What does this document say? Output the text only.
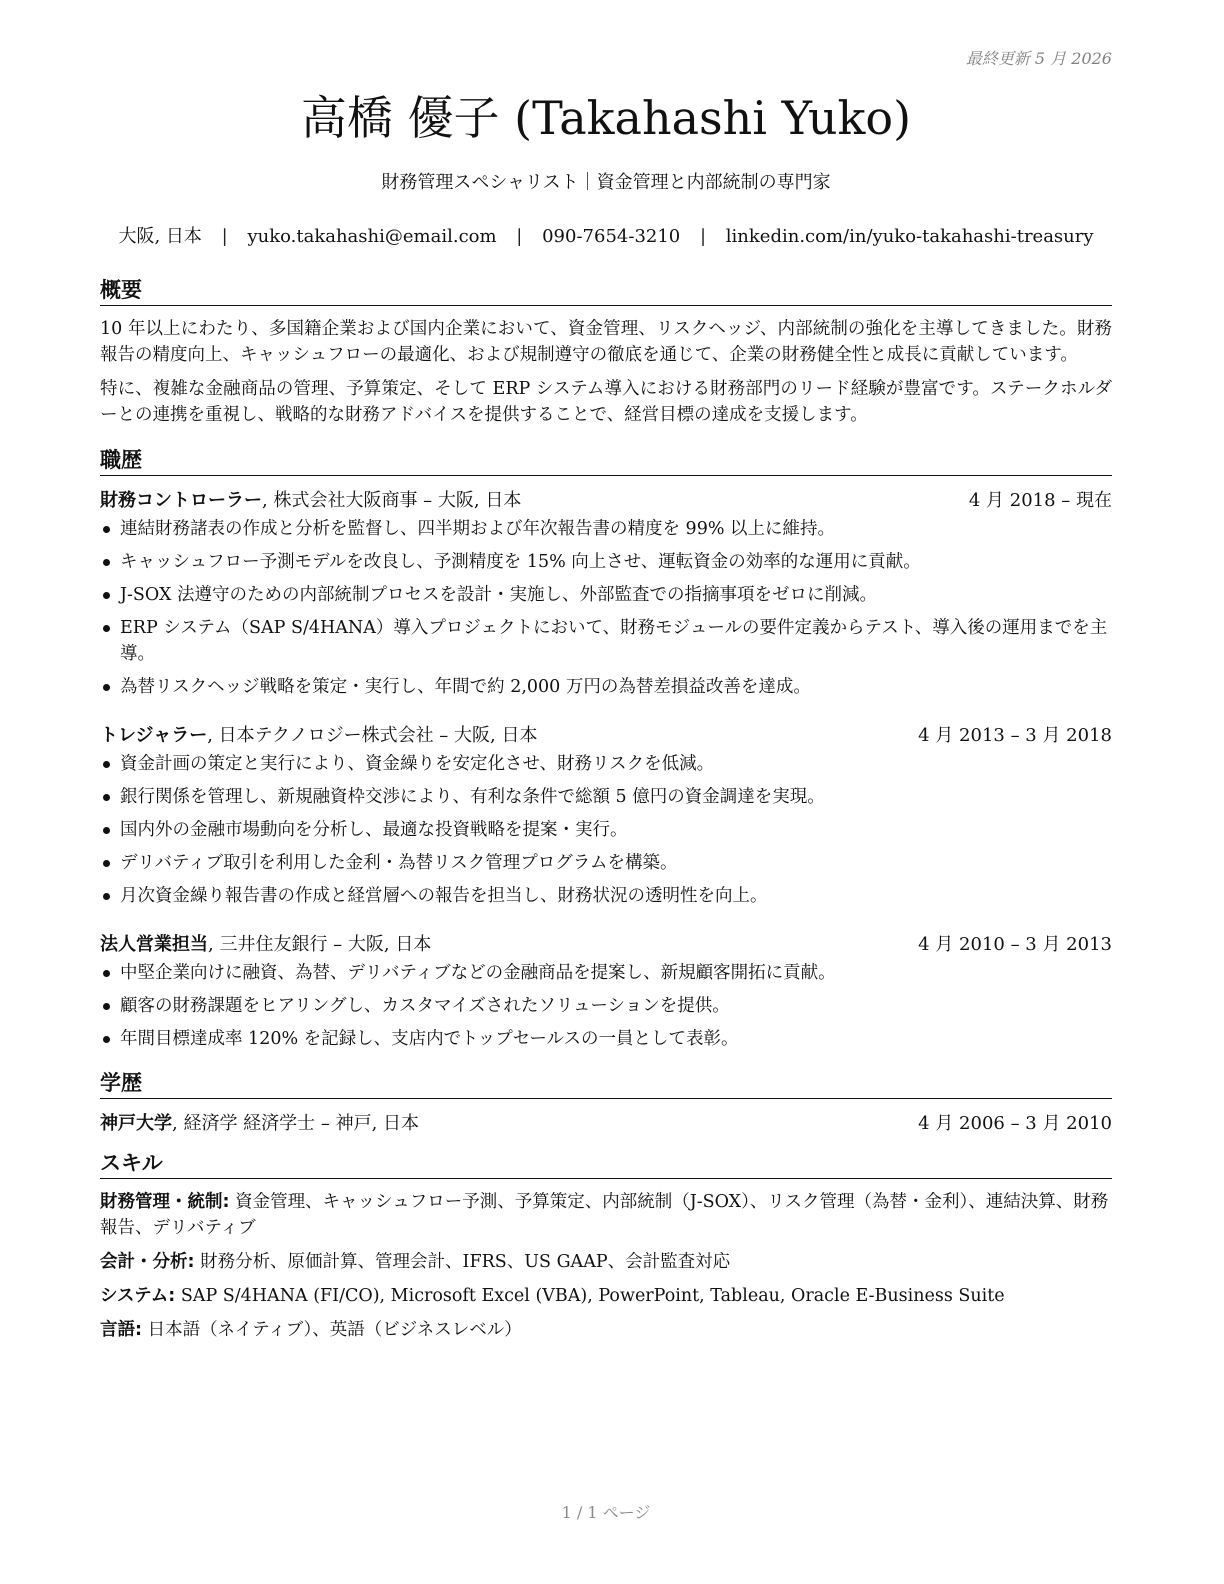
最終更新 5 月 2026
高橋 優子 (Takahashi Yuko)
財務管理スペシャリスト｜資金管理と内部統制の専門家
大阪, 日本 | yuko.takahashi@email.com | 090-7654-3210 | linkedin.com/in/yuko-takahashi-treasury
概要

10 年以上にわたり、多国籍企業および国内企業において、資金管理、リスクヘッジ、内部統制の強化を主導してきました。財務報告の精度向上、キャッシュフローの最適化、および規制遵守の徹底を通じて、企業の財務健全性と成長に貢献しています。

特に、複雑な金融商品の管理、予算策定、そして ERP システム導入における財務部門のリード経験が豊富です。ステークホルダーとの連携を重視し、戦略的な財務アドバイスを提供することで、経営目標の達成を支援します。

職歴
財務コントローラー, 株式会社大阪商事 – 大阪, 日本	4 月 2018 – 現在
連結財務諸表の作成と分析を監督し、四半期および年次報告書の精度を 99% 以上に維持。
キャッシュフロー予測モデルを改良し、予測精度を 15% 向上させ、運転資金の効率的な運用に貢献。
J-SOX 法遵守のための内部統制プロセスを設計・実施し、外部監査での指摘事項をゼロに削減。
ERP システム（SAP S/4HANA）導入プロジェクトにおいて、財務モジュールの要件定義からテスト、導入後の運用までを主導。
為替リスクヘッジ戦略を策定・実行し、年間で約 2,000 万円の為替差損益改善を達成。
トレジャラー, 日本テクノロジー株式会社 – 大阪, 日本	4 月 2013 – 3 月 2018
資金計画の策定と実行により、資金繰りを安定化させ、財務リスクを低減。
銀行関係を管理し、新規融資枠交渉により、有利な条件で総額 5 億円の資金調達を実現。
国内外の金融市場動向を分析し、最適な投資戦略を提案・実行。
デリバティブ取引を利用した金利・為替リスク管理プログラムを構築。
月次資金繰り報告書の作成と経営層への報告を担当し、財務状況の透明性を向上。
法人営業担当, 三井住友銀行 – 大阪, 日本	4 月 2010 – 3 月 2013
中堅企業向けに融資、為替、デリバティブなどの金融商品を提案し、新規顧客開拓に貢献。
顧客の財務課題をヒアリングし、カスタマイズされたソリューションを提供。
年間目標達成率 120% を記録し、支店内でトップセールスの一員として表彰。
学歴
神戸大学, 経済学 経済学士 – 神戸, 日本	4 月 2006 – 3 月 2010
スキル

財務管理・統制: 資金管理、キャッシュフロー予測、予算策定、内部統制（J-SOX）、リスク管理（為替・金利）、連結決算、財務報告、デリバティブ

会計・分析: 財務分析、原価計算、管理会計、IFRS、US GAAP、会計監査対応

システム: SAP S/4HANA (FI/CO), Microsoft Excel (VBA), PowerPoint, Tableau, Oracle E-Business Suite

言語: 日本語（ネイティブ）、英語（ビジネスレベル）

1 / 1 ページ
